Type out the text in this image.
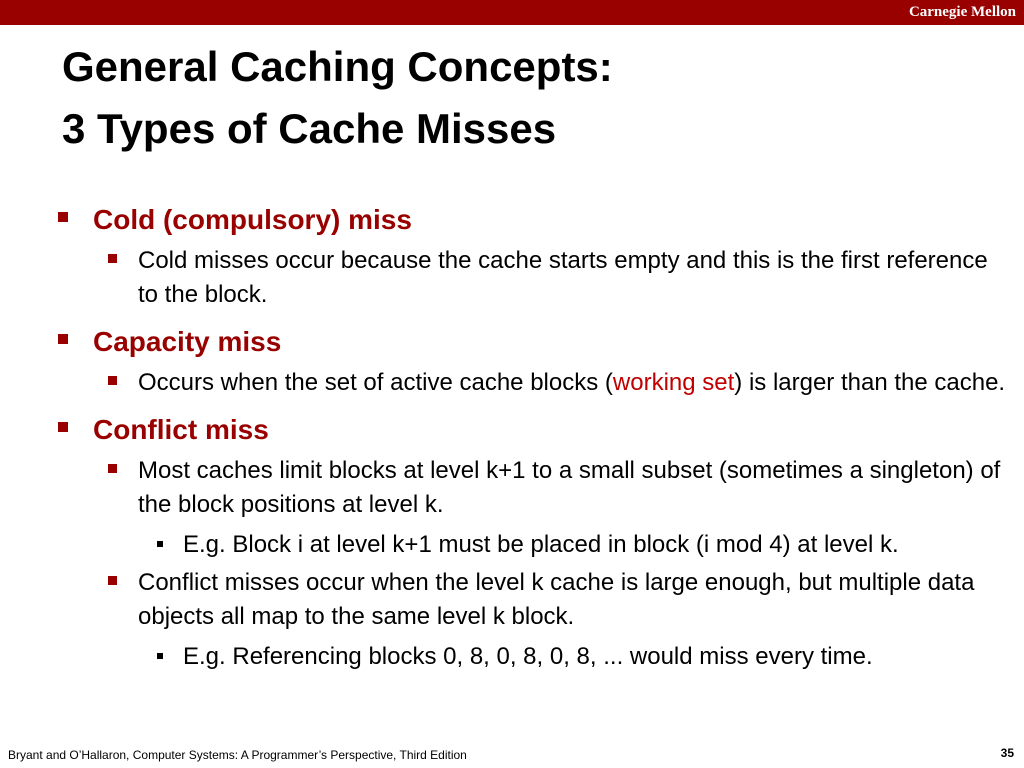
Carnegie Mellon
General Caching Concepts:
3 Types of Cache Misses
Cold (compulsory) miss
Cold misses occur because the cache starts empty and this is the first reference to the block.
Capacity miss
Occurs when the set of active cache blocks (working set) is larger than the cache.
Conflict miss
Most caches limit blocks at level k+1 to a small subset (sometimes a singleton) of the block positions at level k.
E.g. Block i at level k+1 must be placed in block (i mod 4) at level k.
Conflict misses occur when the level k cache is large enough, but multiple data objects all map to the same level k block.
E.g. Referencing blocks 0, 8, 0, 8, 0, 8, ... would miss every time.
Bryant and O’Hallaron, Computer Systems: A Programmer’s Perspective, Third Edition	35
